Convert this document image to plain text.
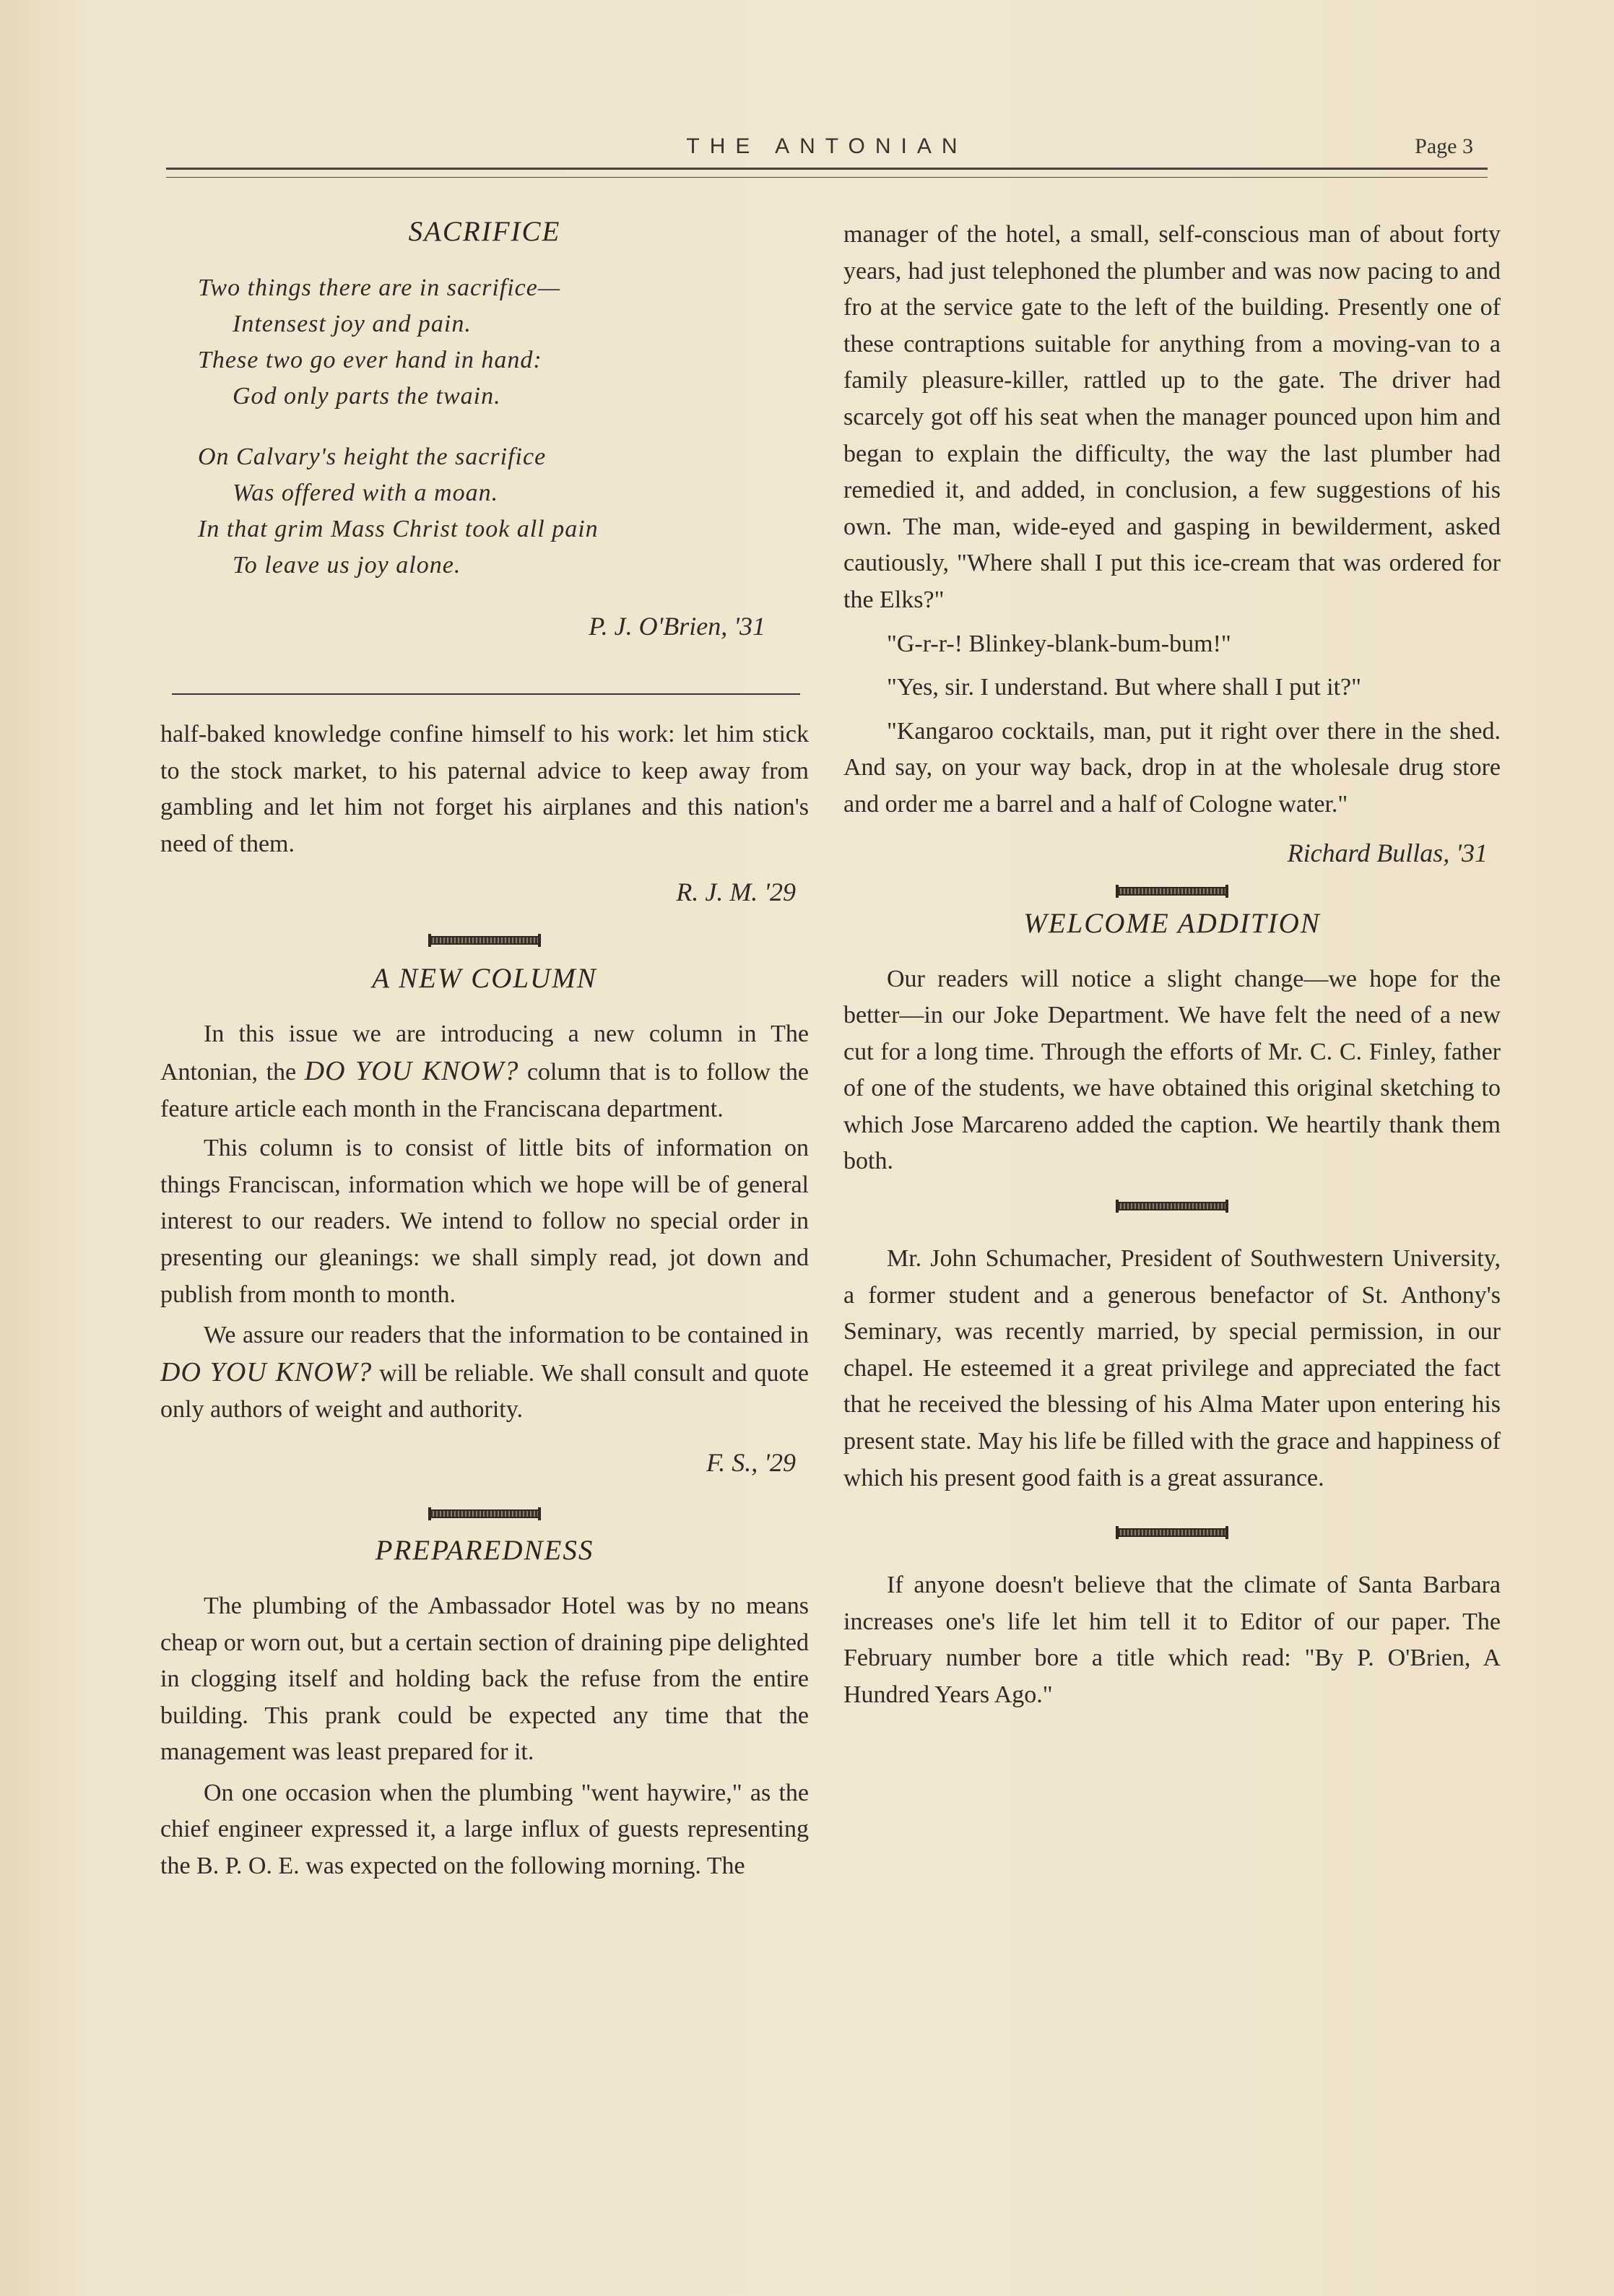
THE ANTONIAN	Page 3
SACRIFICE

Two things there are in sacrifice—

Intensest joy and pain.

These two go ever hand in hand:

God only parts the twain.

On Calvary's height the sacrifice

Was offered with a moan.

In that grim Mass Christ took all pain

To leave us joy alone.

P. J. O'Brien, '31

half-baked knowledge confine himself to his work: let him stick to the stock market, to his paternal advice to keep away from gambling and let him not forget his airplanes and this nation's need of them.

R. J. M. '29
A NEW COLUMN

In this issue we are introducing a new column in The Antonian, the DO YOU KNOW? column that is to follow the feature article each month in the Franciscana department.

This column is to consist of little bits of information on things Franciscan, information which we hope will be of general interest to our readers. We intend to follow no special order in presenting our gleanings: we shall simply read, jot down and publish from month to month.

We assure our readers that the information to be contained in DO YOU KNOW? will be reliable. We shall consult and quote only authors of weight and authority.

F. S., '29
PREPAREDNESS

The plumbing of the Ambassador Hotel was by no means cheap or worn out, but a certain section of draining pipe delighted in clogging itself and holding back the refuse from the entire building. This prank could be expected any time that the management was least prepared for it.

On one occasion when the plumbing "went haywire," as the chief engineer expressed it, a large influx of guests representing the B. P. O. E. was expected on the following morning. The

manager of the hotel, a small, self-conscious man of about forty years, had just telephoned the plumber and was now pacing to and fro at the service gate to the left of the building. Presently one of these contraptions suitable for anything from a moving-van to a family pleasure-killer, rattled up to the gate. The driver had scarcely got off his seat when the manager pounced upon him and began to explain the difficulty, the way the last plumber had remedied it, and added, in conclusion, a few suggestions of his own. The man, wide-eyed and gasping in bewilderment, asked cautiously, "Where shall I put this ice-cream that was ordered for the Elks?"

"G-r-r-! Blinkey-blank-bum-bum!"

"Yes, sir. I understand. But where shall I put it?"

"Kangaroo cocktails, man, put it right over there in the shed. And say, on your way back, drop in at the wholesale drug store and order me a barrel and a half of Cologne water."

Richard Bullas, '31
WELCOME ADDITION

Our readers will notice a slight change—we hope for the better—in our Joke Department. We have felt the need of a new cut for a long time. Through the efforts of Mr. C. C. Finley, father of one of the students, we have obtained this original sketching to which Jose Marcareno added the caption. We heartily thank them both.

Mr. John Schumacher, President of Southwestern University, a former student and a generous benefactor of St. Anthony's Seminary, was recently married, by special permission, in our chapel. He esteemed it a great privilege and appreciated the fact that he received the blessing of his Alma Mater upon entering his present state. May his life be filled with the grace and happiness of which his present good faith is a great assurance.

If anyone doesn't believe that the climate of Santa Barbara increases one's life let him tell it to Editor of our paper. The February number bore a title which read: "By P. O'Brien, A Hundred Years Ago."
